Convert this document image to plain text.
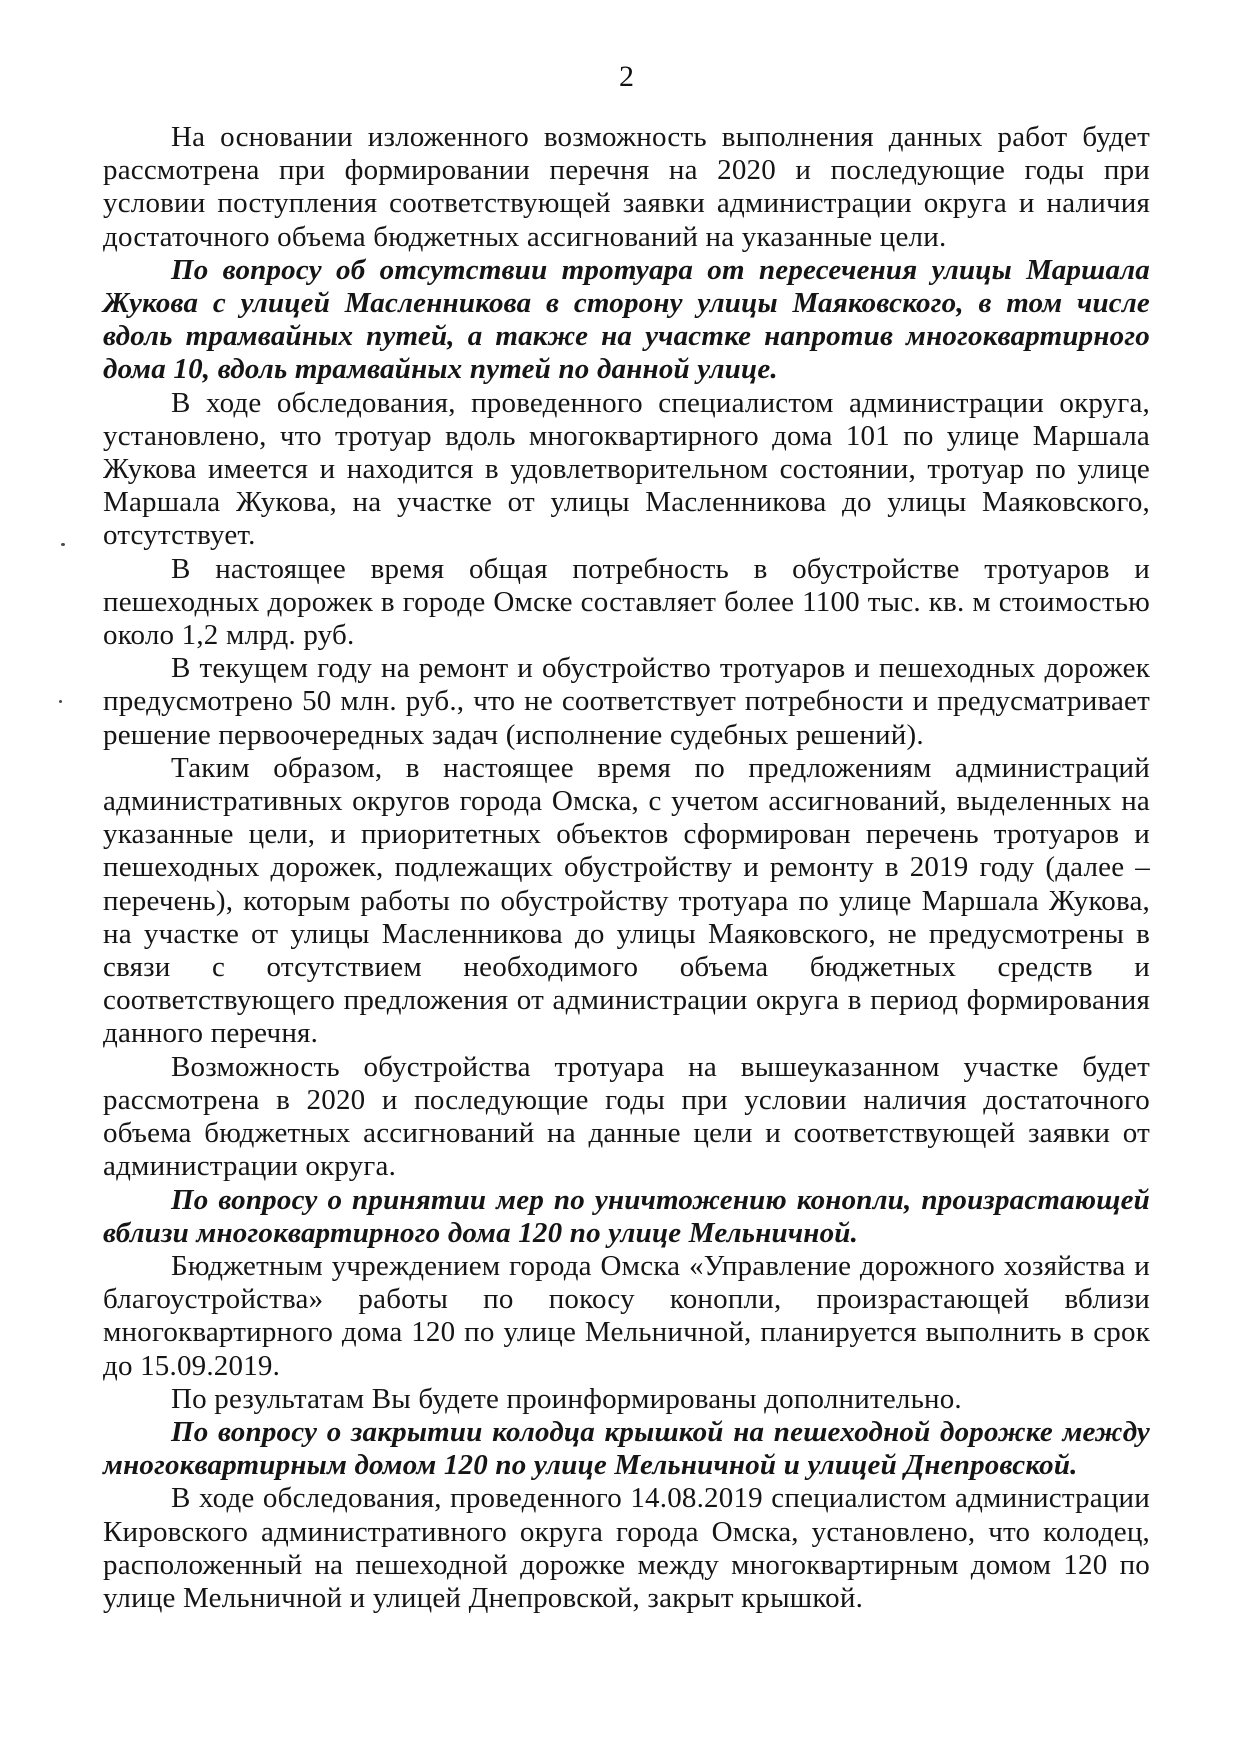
2

На основании изложенного возможность выполнения данных работ будет рассмотрена при формировании перечня на 2020 и последующие годы при условии поступления соответствующей заявки администрации округа и наличия достаточного объема бюджетных ассигнований на указанные цели.

По вопросу об отсутствии тротуара от пересечения улицы Маршала Жукова с улицей Масленникова в сторону улицы Маяковского, в том числе вдоль трамвайных путей, а также на участке напротив многоквартирного дома 10, вдоль трамвайных путей по данной улице.

В ходе обследования, проведенного специалистом администрации округа, установлено, что тротуар вдоль многоквартирного дома 101 по улице Маршала Жукова имеется и находится в удовлетворительном состоянии, тротуар по улице Маршала Жукова, на участке от улицы Масленникова до улицы Маяковского, отсутствует.

В настоящее время общая потребность в обустройстве тротуаров и пешеходных дорожек в городе Омске составляет более 1100 тыс. кв. м стоимостью около 1,2 млрд. руб.

В текущем году на ремонт и обустройство тротуаров и пешеходных дорожек предусмотрено 50 млн. руб., что не соответствует потребности и предусматривает решение первоочередных задач (исполнение судебных решений).

Таким образом, в настоящее время по предложениям администраций административных округов города Омска, с учетом ассигнований, выделенных на указанные цели, и приоритетных объектов сформирован перечень тротуаров и пешеходных дорожек, подлежащих обустройству и ремонту в 2019 году (далее – перечень), которым работы по обустройству тротуара по улице Маршала Жукова, на участке от улицы Масленникова до улицы Маяковского, не предусмотрены в связи с отсутствием необходимого объема бюджетных средств и соответствующего предложения от администрации округа в период формирования данного перечня.

Возможность обустройства тротуара на вышеуказанном участке будет рассмотрена в 2020 и последующие годы при условии наличия достаточного объема бюджетных ассигнований на данные цели и соответствующей заявки от администрации округа.

По вопросу о принятии мер по уничтожению конопли, произрастающей вблизи многоквартирного дома 120 по улице Мельничной.

Бюджетным учреждением города Омска «Управление дорожного хозяйства и благоустройства» работы по покосу конопли, произрастающей вблизи многоквартирного дома 120 по улице Мельничной, планируется выполнить в срок до 15.09.2019.

По результатам Вы будете проинформированы дополнительно.

По вопросу о закрытии колодца крышкой на пешеходной дорожке между многоквартирным домом 120 по улице Мельничной и улицей Днепровской.

В ходе обследования, проведенного 14.08.2019 специалистом администрации Кировского административного округа города Омска, установлено, что колодец, расположенный на пешеходной дорожке между многоквартирным домом 120 по улице Мельничной и улицей Днепровской, закрыт крышкой.
